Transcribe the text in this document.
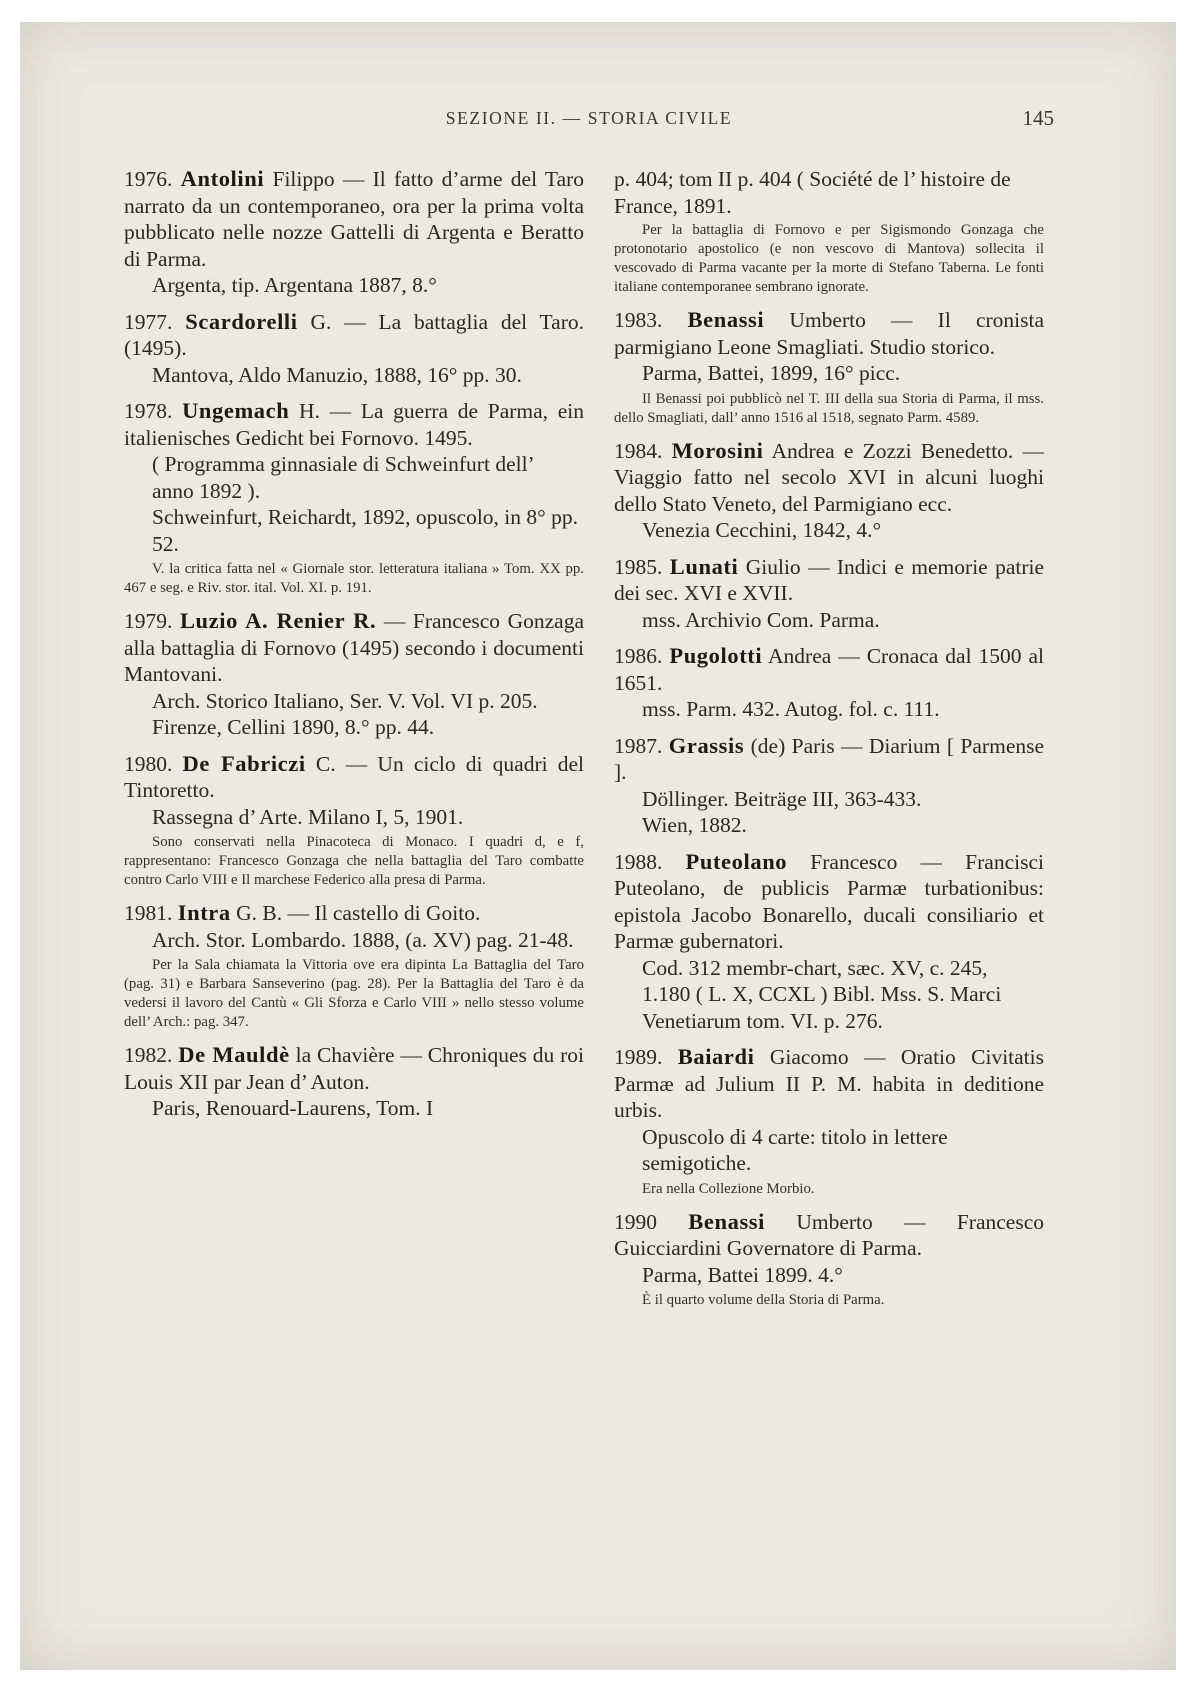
SEZIONE II. — STORIA CIVILE	145

1976. Antolini Filippo — Il fatto d’arme del Taro narrato da un contemporaneo, ora per la prima volta pubblicato nelle nozze Gattelli di Argenta e Beratto di Parma.

Argenta, tip. Argentana 1887, 8.°

1977. Scardorelli G. — La battaglia del Taro. (1495).

Mantova, Aldo Manuzio, 1888, 16° pp. 30.

1978. Ungemach H. — La guerra de Parma, ein italienisches Gedicht bei Fornovo. 1495.

( Programma ginnasiale di Schweinfurt dell’ anno 1892 ).

Schweinfurt, Reichardt, 1892, opuscolo, in 8° pp. 52.

V. la critica fatta nel « Giornale stor. letteratura italiana » Tom. XX pp. 467 e seg. e Riv. stor. ital. Vol. XI. p. 191.

1979. Luzio A. Renier R. — Francesco Gonzaga alla battaglia di Fornovo (1495) secondo i documenti Mantovani.

Arch. Storico Italiano, Ser. V. Vol. VI p. 205.

Firenze, Cellini 1890, 8.° pp. 44.

1980. De Fabriczi C. — Un ciclo di quadri del Tintoretto.

Rassegna d’ Arte. Milano I, 5, 1901.

Sono conservati nella Pinacoteca di Monaco. I quadri d, e f, rappresentano: Francesco Gonzaga che nella battaglia del Taro combatte contro Carlo VIII e Il marchese Federico alla presa di Parma.

1981. Intra G. B. — Il castello di Goito.

Arch. Stor. Lombardo. 1888, (a. XV) pag. 21-48.

Per la Sala chiamata la Vittoria ove era dipinta La Battaglia del Taro (pag. 31) e Barbara Sanseverino (pag. 28). Per la Battaglia del Taro è da vedersi il lavoro del Cantù « Gli Sforza e Carlo VIII » nello stesso volume dell’ Arch.: pag. 347.

1982. De Mauldè la Chavière — Chroniques du roi Louis XII par Jean d’ Auton.

Paris, Renouard-Laurens, Tom. I

p. 404; tom II p. 404 ( Société de l’ histoire de France, 1891.

Per la battaglia di Fornovo e per Sigismondo Gonzaga che protonotario apostolico (e non vescovo di Mantova) sollecita il vescovado di Parma vacante per la morte di Stefano Taberna. Le fonti italiane contemporanee sembrano ignorate.

1983. Benassi Umberto — Il cronista parmigiano Leone Smagliati. Studio storico.

Parma, Battei, 1899, 16° picc.

Il Benassi poi pubblicò nel T. III della sua Storia di Parma, il mss. dello Smagliati, dall’ anno 1516 al 1518, segnato Parm. 4589.

1984. Morosini Andrea e Zozzi Benedetto. — Viaggio fatto nel secolo XVI in alcuni luoghi dello Stato Veneto, del Parmigiano ecc.

Venezia Cecchini, 1842, 4.°

1985. Lunati Giulio — Indici e memorie patrie dei sec. XVI e XVII.

mss. Archivio Com. Parma.

1986. Pugolotti Andrea — Cronaca dal 1500 al 1651.

mss. Parm. 432. Autog. fol. c. 111.

1987. Grassis (de) Paris — Diarium [ Parmense ].

Döllinger. Beiträge III, 363-433.

Wien, 1882.

1988. Puteolano Francesco — Francisci Puteolano, de publicis Parmæ turbationibus: epistola Jacobo Bonarello, ducali consiliario et Parmæ gubernatori.

Cod. 312 membr-chart, sæc. XV, c. 245, 1.180 ( L. X, CCXL ) Bibl. Mss. S. Marci Venetiarum tom. VI. p. 276.

1989. Baiardi Giacomo — Oratio Civitatis Parmæ ad Julium II P. M. habita in deditione urbis.

Opuscolo di 4 carte: titolo in lettere semigotiche.

Era nella Collezione Morbio.

1990 Benassi Umberto — Francesco Guicciardini Governatore di Parma.

Parma, Battei 1899. 4.°

È il quarto volume della Storia di Parma.
